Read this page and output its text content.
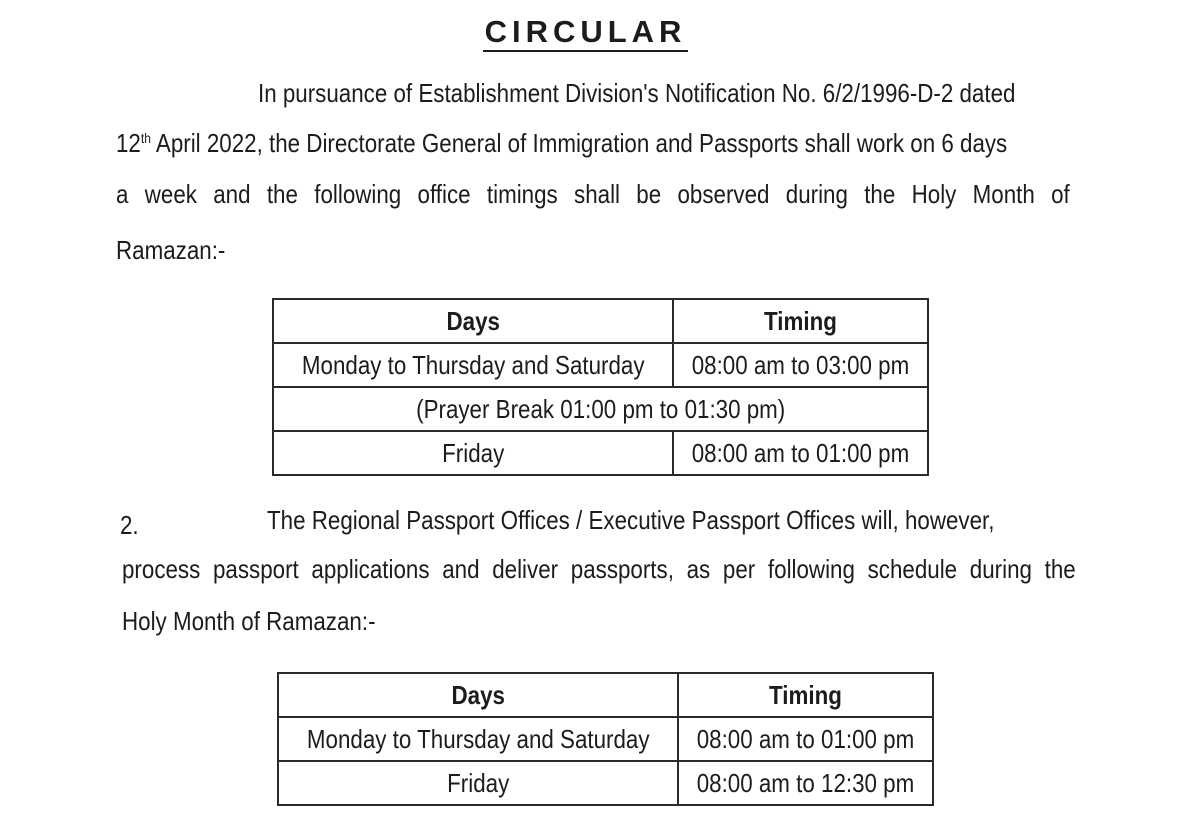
CIRCULAR
In pursuance of Establishment Division's Notification No. 6/2/1996-D-2 dated
12th April 2022, the Directorate General of Immigration and Passports shall work on 6 days
a week and the following office timings shall be observed during the Holy Month of
Ramazan:-
Days	Timing

Monday to Thursday and Saturday	08:00 am to 03:00 pm

(Prayer Break 01:00 pm to 01:30 pm)	

Friday	08:00 am to 01:00 pm
2.	The Regional Passport Offices / Executive Passport Offices will, however,
process passport applications and deliver passports, as per following schedule during the
Holy Month of Ramazan:-
Days	Timing

Monday to Thursday and Saturday	08:00 am to 01:00 pm

Friday	08:00 am to 12:30 pm
